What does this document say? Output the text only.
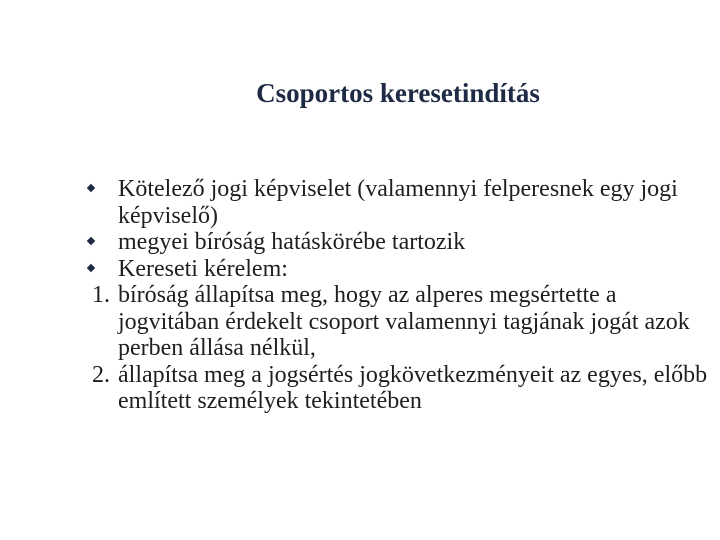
Csoportos keresetindítás
Kötelező jogi képviselet (valamennyi felperesnek egy jogi képviselő)
megyei bíróság hatáskörébe tartozik
Kereseti kérelem:
1. bíróság állapítsa meg, hogy az alperes megsértette a jogvitában érdekelt csoport valamennyi tagjának jogát azok perben állása nélkül,
2. állapítsa meg a jogsértés jogkövetkezményeit az egyes, előbb említett személyek tekintetében
